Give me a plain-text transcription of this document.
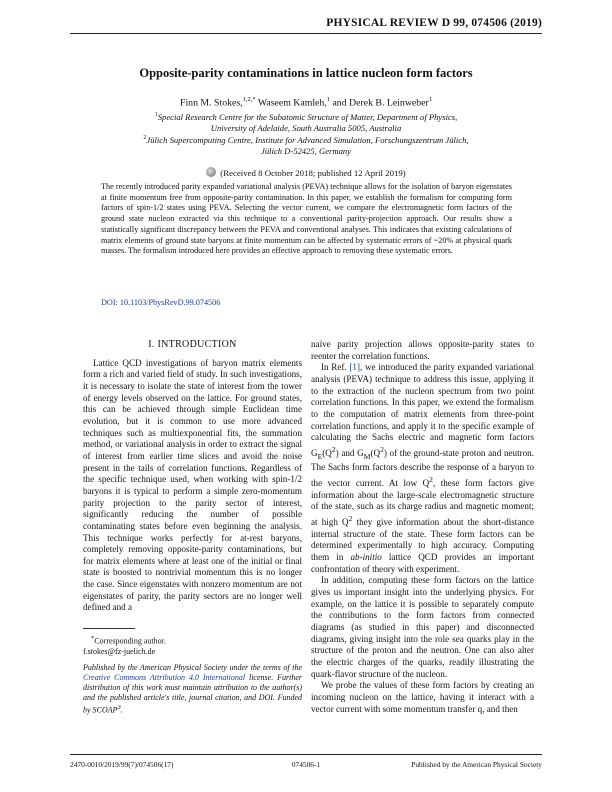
PHYSICAL REVIEW D 99, 074506 (2019)
Opposite-parity contaminations in lattice nucleon form factors
Finn M. Stokes,$^{1,2,*}$ Waseem Kamleh,$^1$ and Derek B. Leinweber$^1$
$^1$Special Research Centre for the Subatomic Structure of Matter, Department of Physics,
University of Adelaide, South Australia 5005, Australia
$^2$Jülich Supercomputing Centre, Institute for Advanced Simulation, Forschungszentrum Jülich,
Jülich D-52425, Germany
(Received 8 October 2018; published 12 April 2019)
The recently introduced parity expanded variational analysis (PEVA) technique allows for the isolation of baryon eigenstates at finite momentum free from opposite-parity contamination. In this paper, we establish the formalism for computing form factors of spin-1/2 states using PEVA. Selecting the vector current, we compare the electromagnetic form factors of the ground state nucleon extracted via this technique to a conventional parity-projection approach. Our results show a statistically significant discrepancy between the PEVA and conventional analyses. This indicates that existing calculations of matrix elements of ground state baryons at finite momentum can be affected by systematic errors of ~20% at physical quark masses. The formalism introduced here provides an effective approach to removing these systematic errors.
DOI: 10.1103/PhysRevD.99.074506
I. INTRODUCTION

Lattice QCD investigations of baryon matrix elements form a rich and varied field of study. In such investigations, it is necessary to isolate the state of interest from the tower of energy levels observed on the lattice. For ground states, this can be achieved through simple Euclidean time evolution, but it is common to use more advanced techniques such as multiexponential fits, the summation method, or variational analysis in order to extract the signal of interest from earlier time slices and avoid the noise present in the tails of correlation functions. Regardless of the specific technique used, when working with spin-1/2 baryons it is typical to perform a simple zero-momentum parity projection to the parity sector of interest, significantly reducing the number of possible contaminating states before even beginning the analysis. This technique works perfectly for at-rest baryons, completely removing opposite-parity contaminations, but for matrix elements where at least one of the initial or final state is boosted to nontrivial momentum this is no longer the case. Since eigenstates with nonzero momentum are not eigenstates of parity, the parity sectors are no longer well defined and a

*Corresponding author.

f.stokes@fz-juelich.de

Published by the American Physical Society under the terms of the Creative Commons Attribution 4.0 International license. Further distribution of this work must maintain attribution to the author(s) and the published article's title, journal citation, and DOI. Funded by SCOAP$^3$.

naïve parity projection allows opposite-parity states to reenter the correlation functions.

In Ref. [1], we introduced the parity expanded variational analysis (PEVA) technique to address this issue, applying it to the extraction of the nucleon spectrum from two point correlation functions. In this paper, we extend the formalism to the computation of matrix elements from three-point correlation functions, and apply it to the specific example of calculating the Sachs electric and magnetic form factors $G_E(Q^2)$ and $G_M(Q^2)$ of the ground-state proton and neutron. The Sachs form factors describe the response of a baryon to the vector current. At low $Q^2$, these form factors give information about the large-scale electromagnetic structure of the state, such as its charge radius and magnetic moment; at high $Q^2$ they give information about the short-distance internal structure of the state. These form factors can be determined experimentally to high accuracy. Computing them in ab-initio lattice QCD provides an important confrontation of theory with experiment.

In addition, computing these form factors on the lattice gives us important insight into the underlying physics. For example, on the lattice it is possible to separately compute the contributions to the form factors from connected diagrams (as studied in this paper) and disconnected diagrams, giving insight into the role sea quarks play in the structure of the proton and the neutron. One can also alter the electric charges of the quarks, readily illustrating the quark-flavor structure of the nucleon.

We probe the values of these form factors by creating an incoming nucleon on the lattice, having it interact with a vector current with some momentum transfer q, and then

2470-0010/2019/99(7)/074506(17)	074506-1	Published by the American Physical Society
